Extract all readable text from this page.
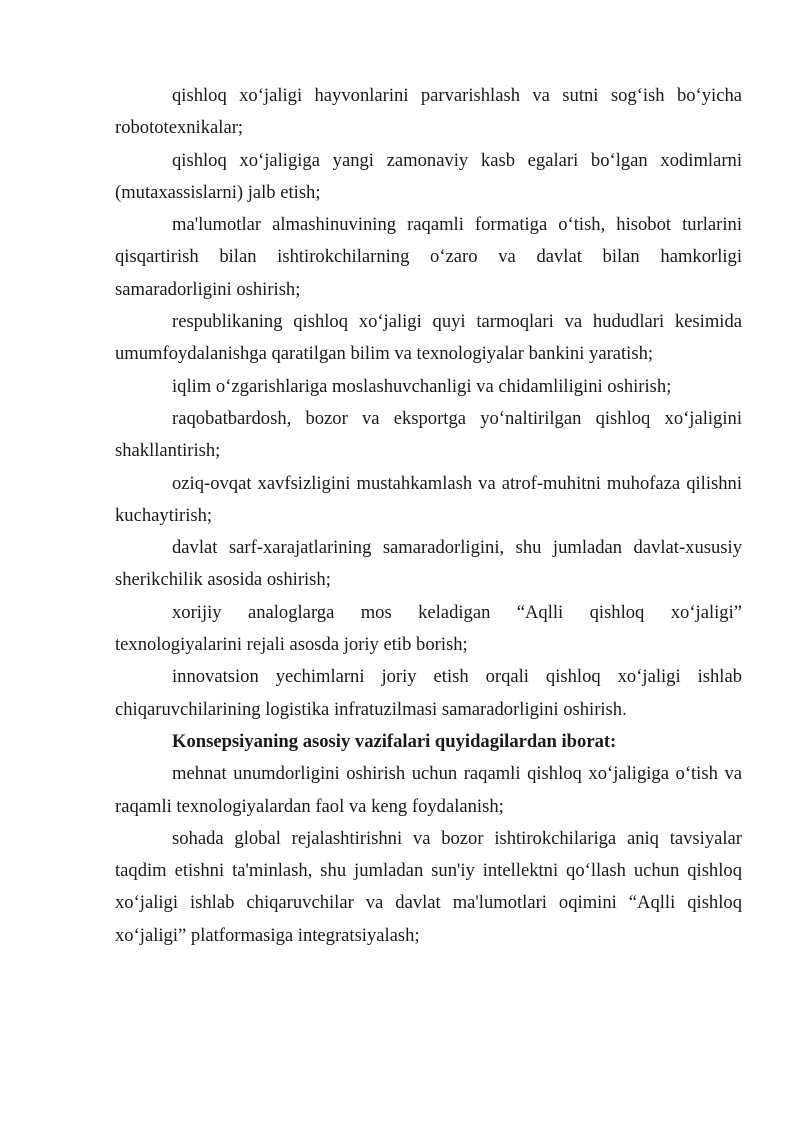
qishloq xo‘jaligi hayvonlarini parvarishlash va sutni sog‘ish bo‘yicha robototexnikalar;

qishloq xo‘jaligiga yangi zamonaviy kasb egalari bo‘lgan xodimlarni (mutaxassislarni) jalb etish;

ma'lumotlar almashinuvining raqamli formatiga o‘tish, hisobot turlarini qisqartirish bilan ishtirokchilarning o‘zaro va davlat bilan hamkorligi samaradorligini oshirish;

respublikaning qishloq xo‘jaligi quyi tarmoqlari va hududlari kesimida umumfoydalanishga qaratilgan bilim va texnologiyalar bankini yaratish;

iqlim o‘zgarishlariga moslashuvchanligi va chidamliligini oshirish;

raqobatbardosh, bozor va eksportga yo‘naltirilgan qishloq xo‘jaligini shakllantirish;

oziq-ovqat xavfsizligini mustahkamlash va atrof-muhitni muhofaza qilishni kuchaytirish;

davlat sarf-xarajatlarining samaradorligini, shu jumladan davlat-xususiy sherikchilik asosida oshirish;

xorijiy analoglarga mos keladigan “Aqlli qishloq xo‘jaligi” texnologiyalarini rejali asosda joriy etib borish;

innovatsion yechimlarni joriy etish orqali qishloq xo‘jaligi ishlab chiqaruvchilarining logistika infratuzilmasi samaradorligini oshirish.

Konsepsiyaning asosiy vazifalari quyidagilardan iborat:

mehnat unumdorligini oshirish uchun raqamli qishloq xo‘jaligiga o‘tish va raqamli texnologiyalardan faol va keng foydalanish;

sohada global rejalashtirishni va bozor ishtirokchilariga aniq tavsiyalar taqdim etishni ta'minlash, shu jumladan sun'iy intellektni qo‘llash uchun qishloq xo‘jaligi ishlab chiqaruvchilar va davlat ma'lumotlari oqimini “Aqlli qishloq xo‘jaligi” platformasiga integratsiyalash;
